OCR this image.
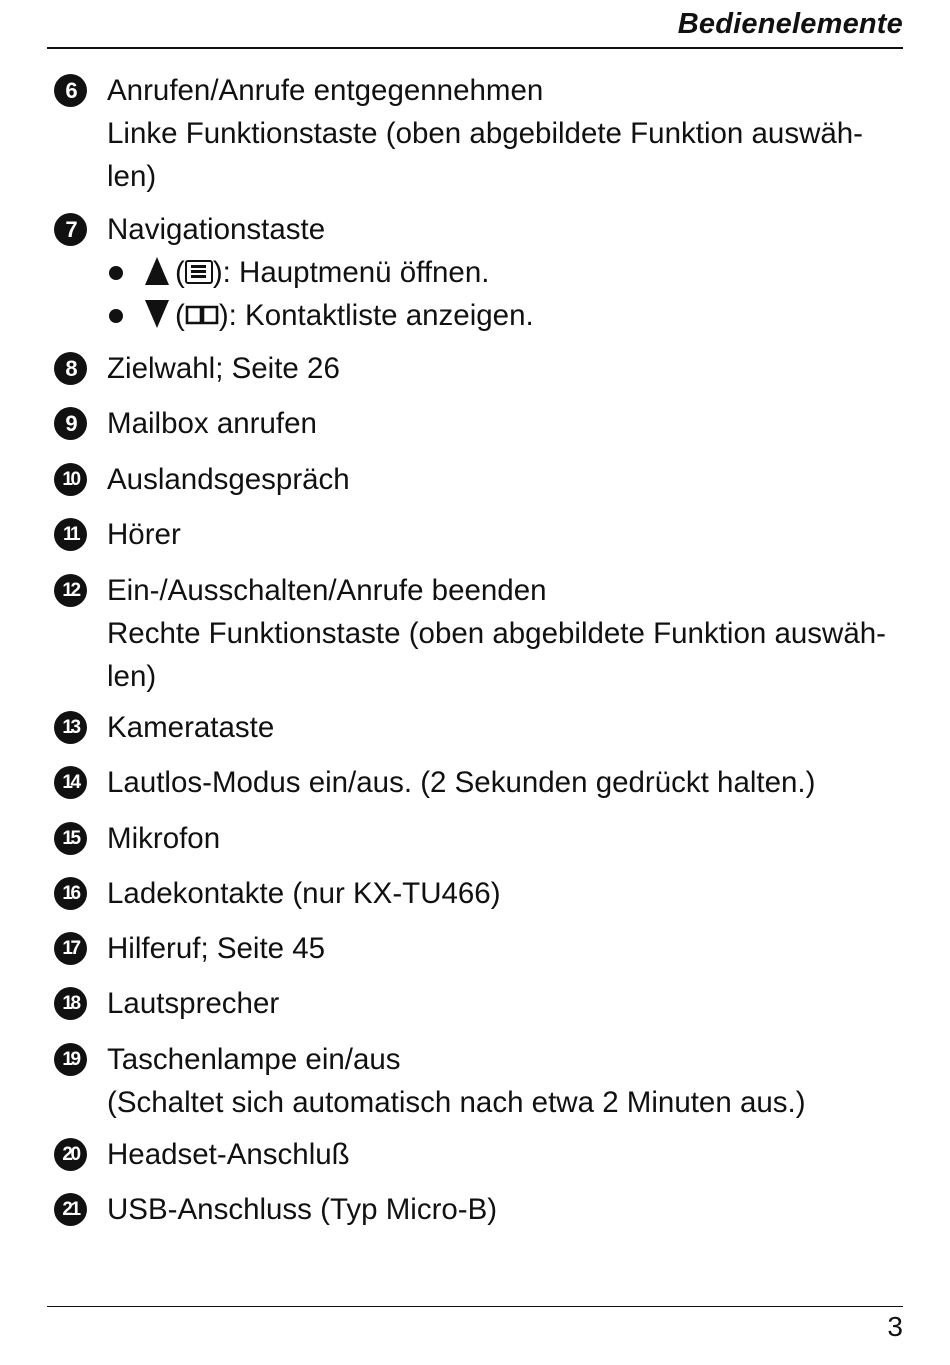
Bedienelemente
6	Anrufen/Anrufe entgegennehmen
Linke Funktionstaste (oben abgebildete Funktion auswäh-
len)
7	Navigationstaste
( ): Hauptmenü öffnen.
( ): Kontaktliste anzeigen.
8	Zielwahl; Seite 26
9	Mailbox anrufen
10 Auslandsgespräch
11 Hörer
12 Ein-/Ausschalten/Anrufe beenden
Rechte Funktionstaste (oben abgebildete Funktion auswäh-
len)
13 Kamerataste
14 Lautlos-Modus ein/aus. (2 Sekunden gedrückt halten.)
15 Mikrofon
16 Ladekontakte (nur KX-TU466)
17 Hilferuf; Seite 45
18 Lautsprecher
19 Taschenlampe ein/aus
(Schaltet sich automatisch nach etwa 2 Minuten aus.)
20 Headset-Anschluß
21 USB-Anschluss (Typ Micro-B)
3
